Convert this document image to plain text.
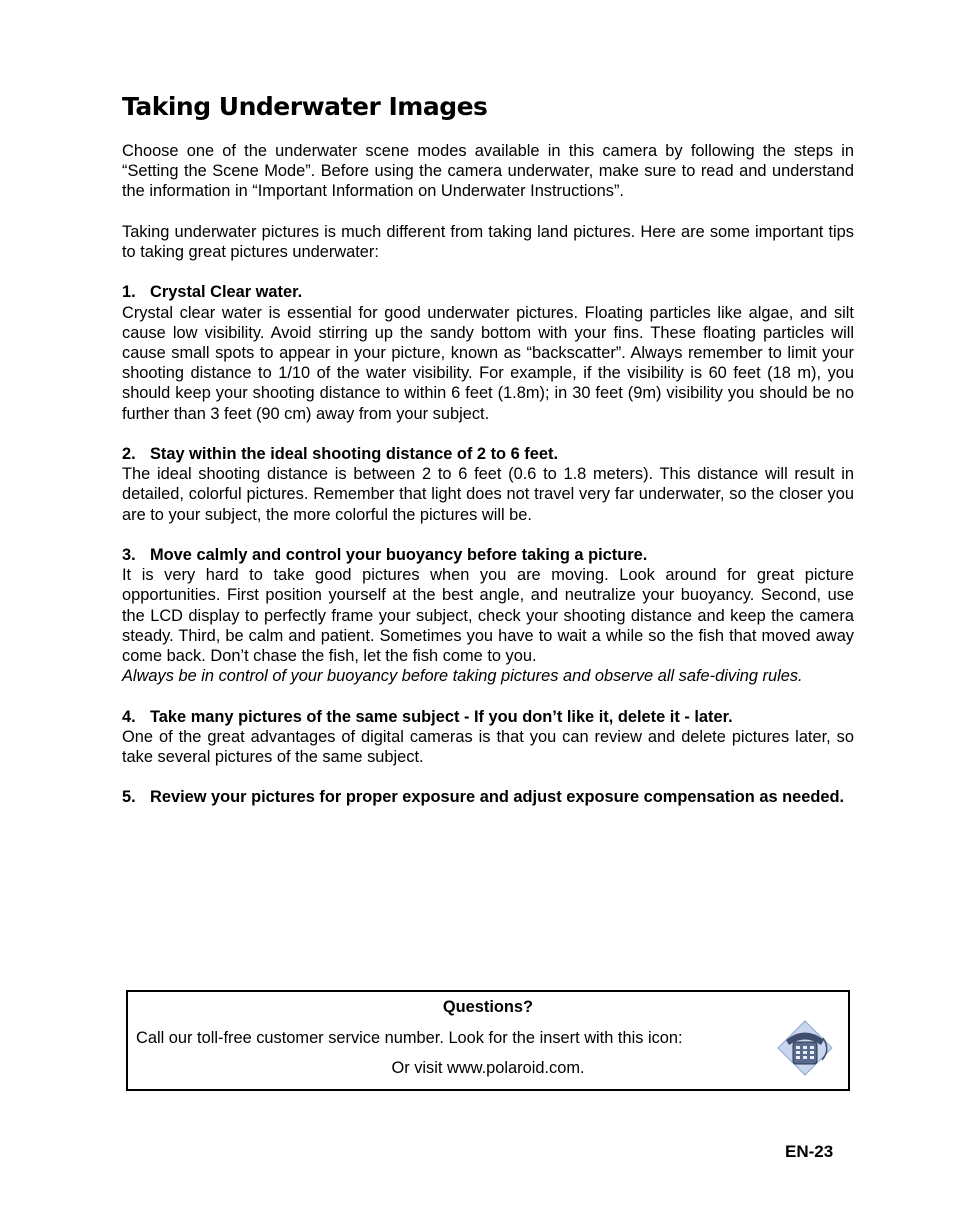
Taking Underwater Images

Choose one of the underwater scene modes available in this camera by following the steps in “Setting the Scene Mode”. Before using the camera underwater, make sure to read and understand the information in “Important Information on Underwater Instructions”.

Taking underwater pictures is much different from taking land pictures. Here are some important tips to taking great pictures underwater:

1. Crystal Clear water.

Crystal clear water is essential for good underwater pictures. Floating particles like algae, and silt cause low visibility. Avoid stirring up the sandy bottom with your fins. These floating particles will cause small spots to appear in your picture, known as “backscatter”. Always remember to limit your shooting distance to 1/10 of the water visibility. For example, if the visibility is 60 feet (18 m), you should keep your shooting distance to within 6 feet (1.8m); in 30 feet (9m) visibility you should be no further than 3 feet (90 cm) away from your subject.

2. Stay within the ideal shooting distance of 2 to 6 feet.

The ideal shooting distance is between 2 to 6 feet (0.6 to 1.8 meters). This distance will result in detailed, colorful pictures. Remember that light does not travel very far underwater, so the closer you are to your subject, the more colorful the pictures will be.

3. Move calmly and control your buoyancy before taking a picture.

It is very hard to take good pictures when you are moving. Look around for great picture opportunities. First position yourself at the best angle, and neutralize your buoyancy. Second, use the LCD display to perfectly frame your subject, check your shooting distance and keep the camera steady. Third, be calm and patient. Sometimes you have to wait a while so the fish that moved away come back. Don’t chase the fish, let the fish come to you.

Always be in control of your buoyancy before taking pictures and observe all safe-diving rules.

4. Take many pictures of the same subject - If you don’t like it, delete it - later.

One of the great advantages of digital cameras is that you can review and delete pictures later, so take several pictures of the same subject.

5. Review your pictures for proper exposure and adjust exposure compensation as needed.
Questions?
Call our toll-free customer service number. Look for the insert with this icon:
Or visit www.polaroid.com.
EN-23
